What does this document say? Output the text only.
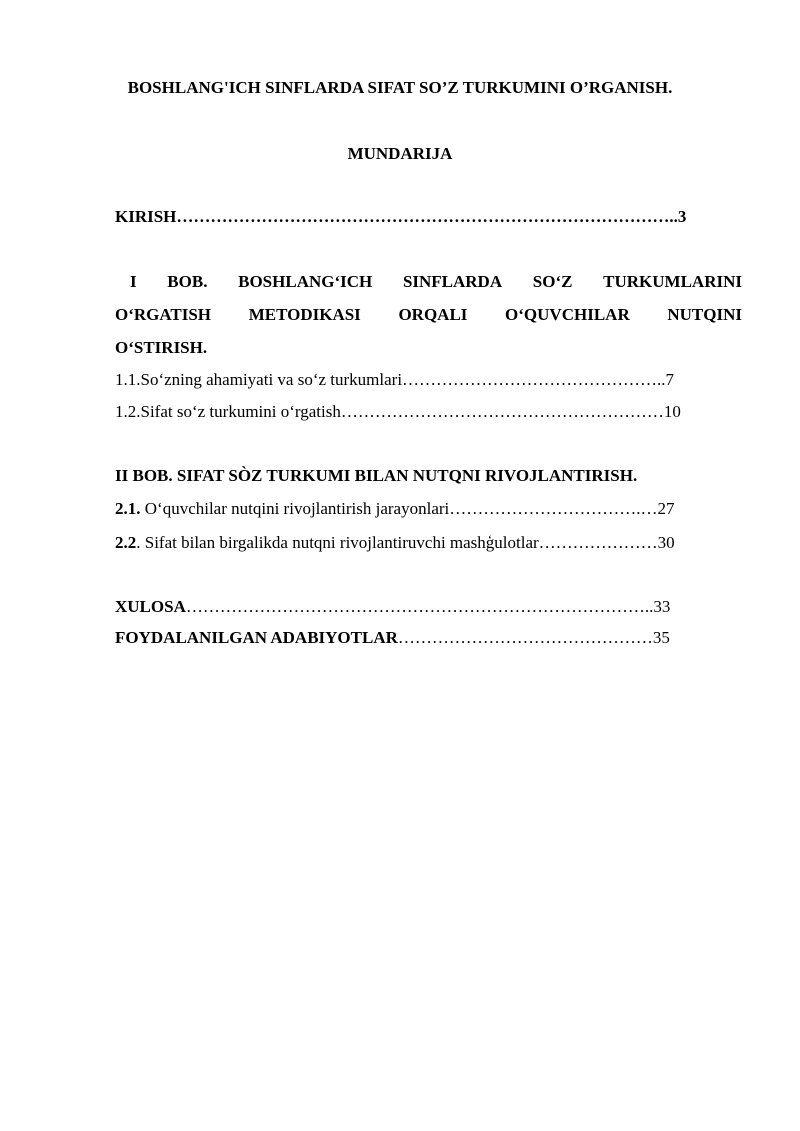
BOSHLANG'ICH SINFLARDA SIFAT SO’Z TURKUMINI O’RGANISH.
MUNDARIJA
KIRISH……………………………………………………………………………..3
I BOB. BOSHLANG‘ICH SINFLARDA SO‘Z TURKUMLARINI
O‘RGATISH METODIKASI ORQALI O‘QUVCHILAR NUTQINI
O‘STIRISH.
1.1.So‘zning ahamiyati va so‘z turkumlari………………………………………..7
1.2.Sifat so‘z turkumini o‘rgatish…………………………………………………10
II BOB. SIFAT SÒZ TURKUMI BILAN NUTQNI RIVOJLANTIRISH.
2.1. O‘quvchilar nutqini rivojlantirish jarayonlari…………………………….…27
2.2. Sifat bilan birgalikda nutqni rivojlantiruvchi mashģulotlar…………………30
XULOSA………………………………………………………………………..33
FOYDALANILGAN ADABIYOTLAR………………………………………35
